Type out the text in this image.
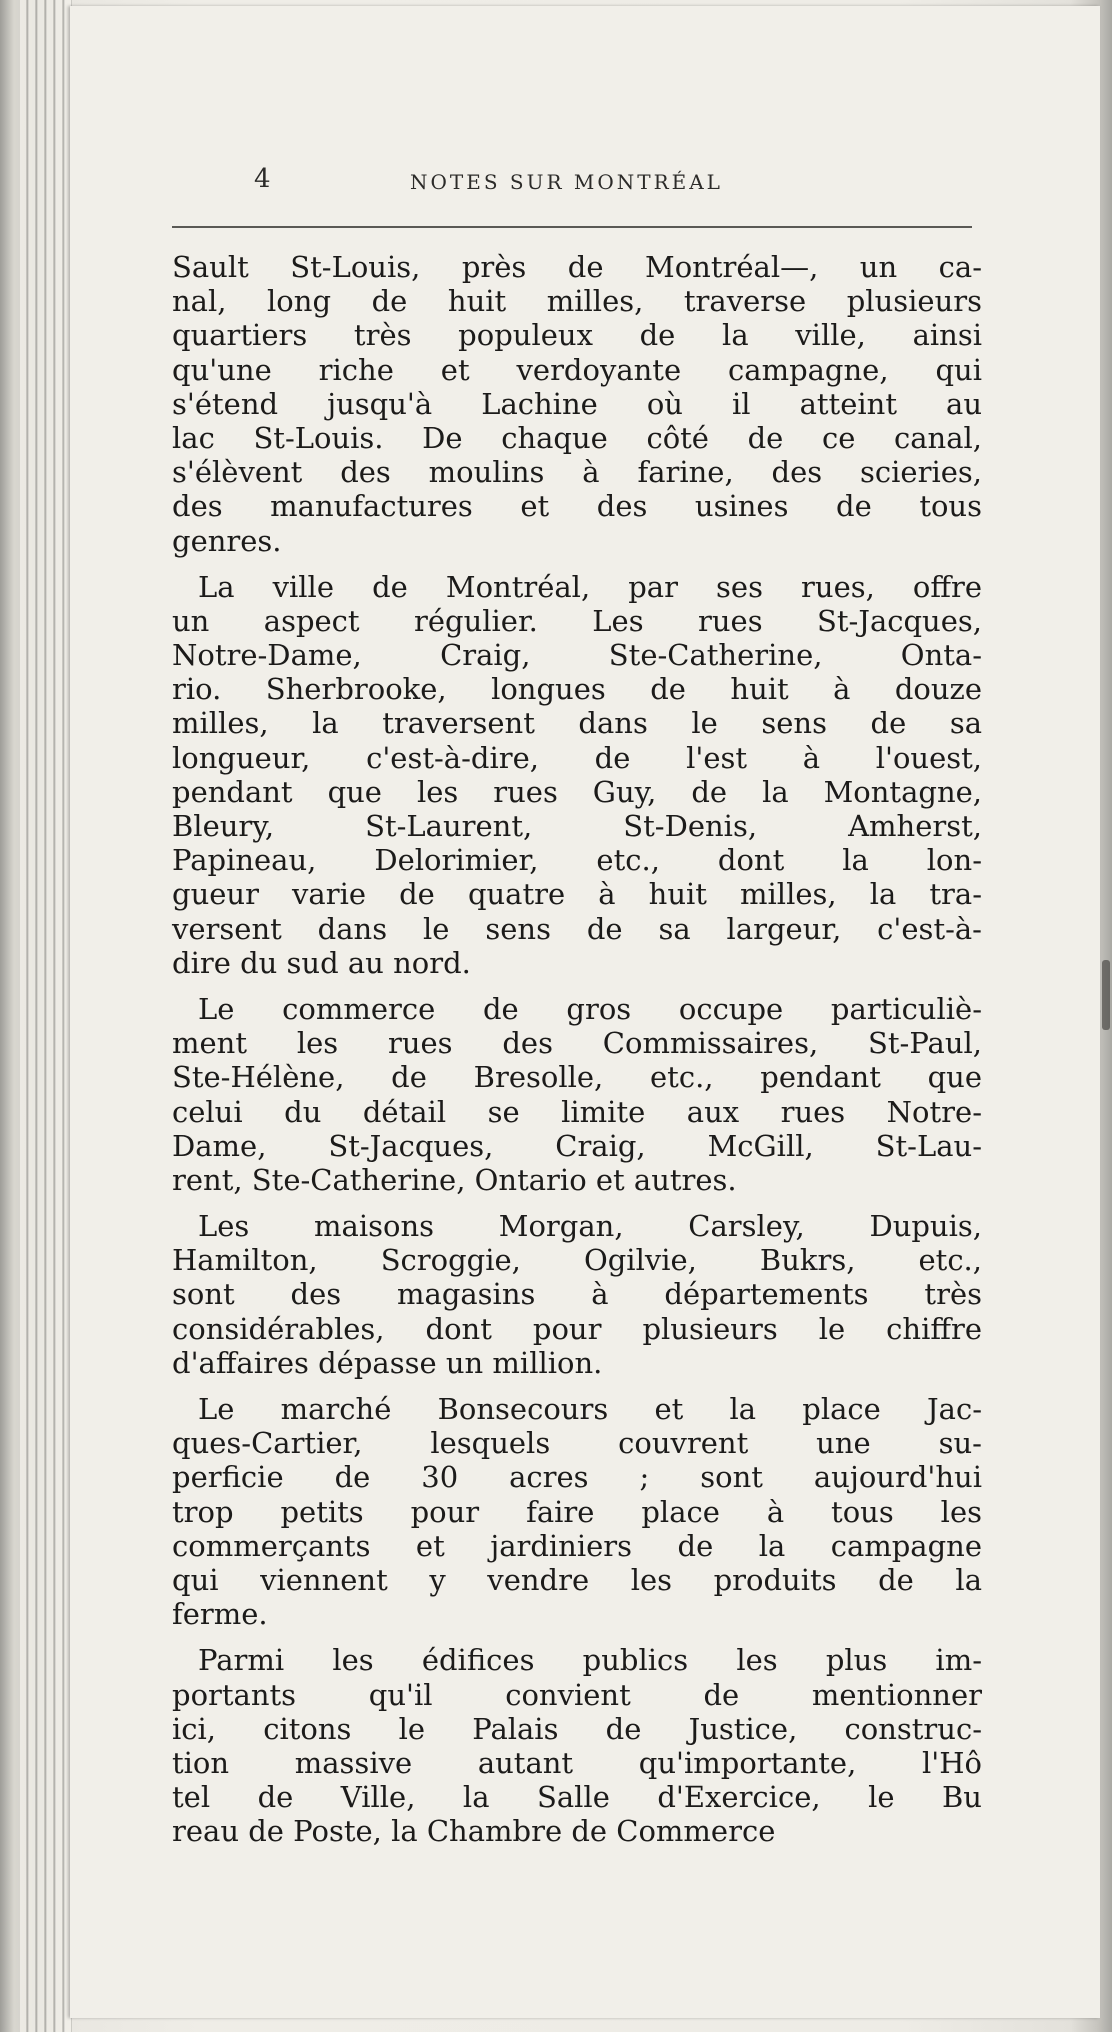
4	NOTES SUR MONTRÉAL
Sault St-Louis, près de Montréal—, un ca-
nal, long de huit milles, traverse plusieurs
quartiers très populeux de la ville, ainsi
qu'une riche et verdoyante campagne, qui
s'étend jusqu'à Lachine où il atteint au
lac St-Louis. De chaque côté de ce canal,
s'élèvent des moulins à farine, des scieries,
des manufactures et des usines de tous
genres.
La ville de Montréal, par ses rues, offre
un aspect régulier. Les rues St-Jacques,
Notre-Dame, Craig, Ste-Catherine, Onta-
rio. Sherbrooke, longues de huit à douze
milles, la traversent dans le sens de sa
longueur, c'est-à-dire, de l'est à l'ouest,
pendant que les rues Guy, de la Montagne,
Bleury, St-Laurent, St-Denis, Amherst,
Papineau, Delorimier, etc., dont la lon-
gueur varie de quatre à huit milles, la tra-
versent dans le sens de sa largeur, c'est-à-
dire du sud au nord.
Le commerce de gros occupe particuliè-
ment les rues des Commissaires, St-Paul,
Ste-Hélène, de Bresolle, etc., pendant que
celui du détail se limite aux rues Notre-
Dame, St-Jacques, Craig, McGill, St-Lau-
rent, Ste-Catherine, Ontario et autres.
Les maisons Morgan, Carsley, Dupuis,
Hamilton, Scroggie, Ogilvie, Bukrs, etc.,
sont des magasins à départements très
considérables, dont pour plusieurs le chiffre
d'affaires dépasse un million.
Le marché Bonsecours et la place Jac-
ques-Cartier, lesquels couvrent une su-
perficie de 30 acres ; sont aujourd'hui
trop petits pour faire place à tous les
commerçants et jardiniers de la campagne
qui viennent y vendre les produits de la
ferme.
Parmi les édifices publics les plus im-
portants qu'il convient de mentionner
ici, citons le Palais de Justice, construc-
tion massive autant qu'importante, l'Hô
tel de Ville, la Salle d'Exercice, le Bu
reau de Poste, la Chambre de Commerce
